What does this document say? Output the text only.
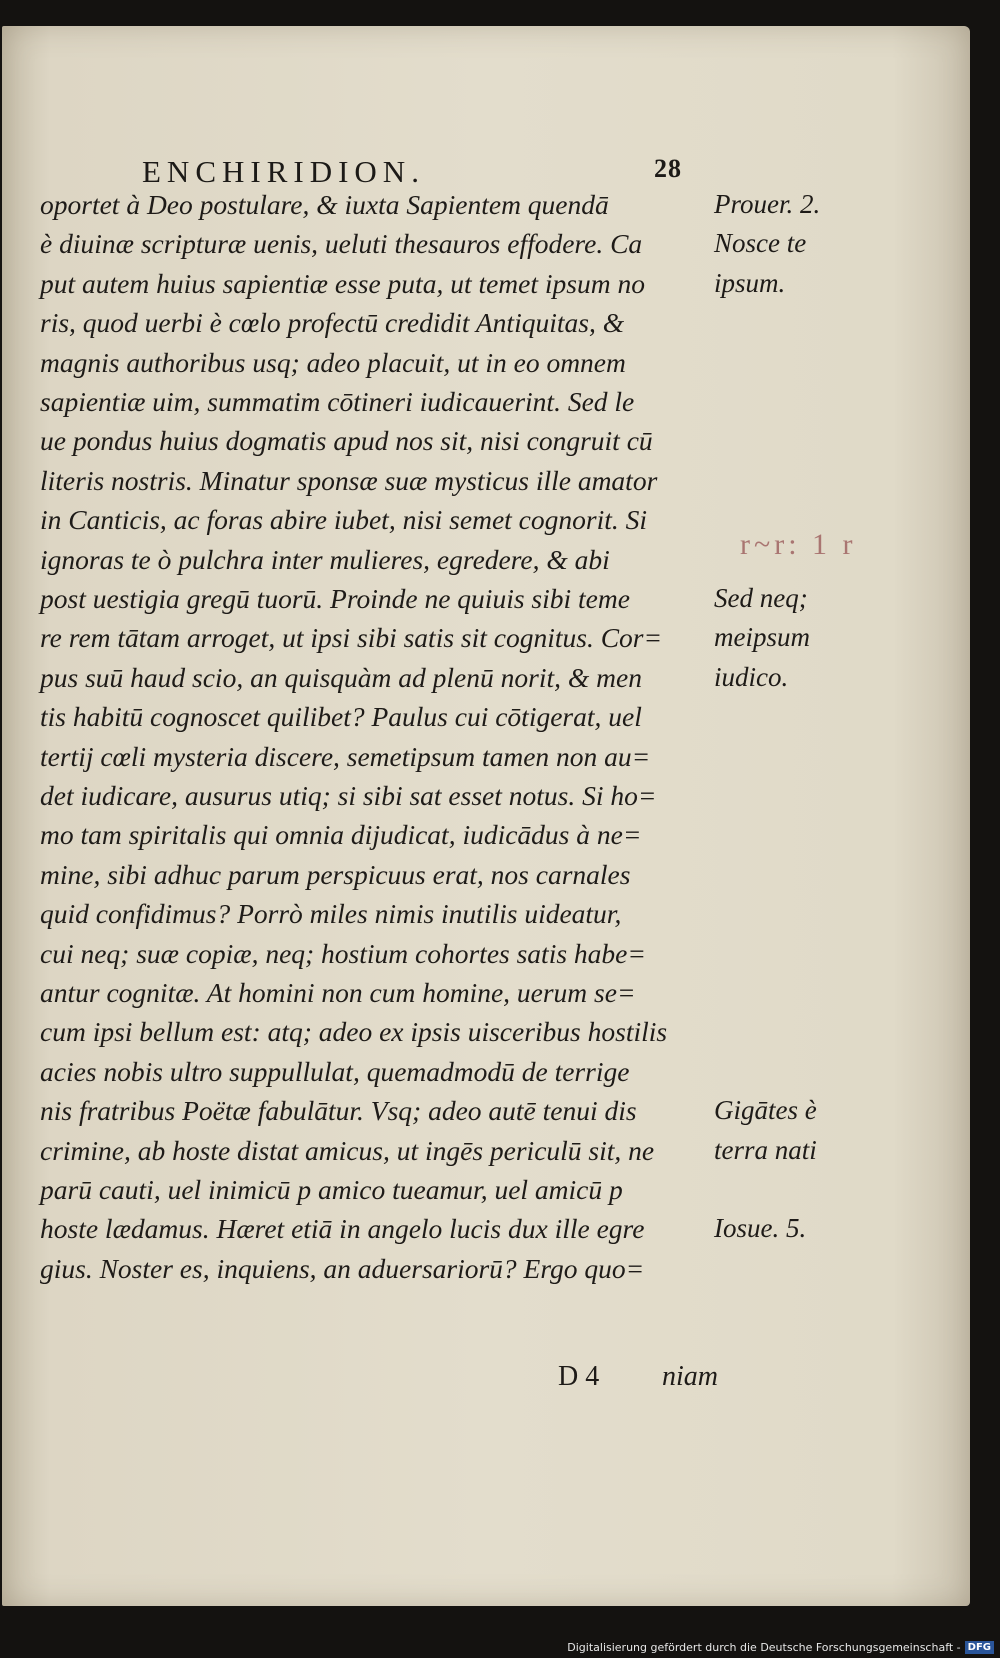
ENCHIRIDION.	28
oportet à Deo postulare, & iuxta Sapientem quendā
è diuinæ scripturæ uenis, ueluti thesauros effodere. Ca
put autem huius sapientiæ esse puta, ut temet ipsum no
ris, quod uerbi è cœlo profectū credidit Antiquitas, &
magnis authoribus usq; adeo placuit, ut in eo omnem
sapientiæ uim, summatim cōtineri iudicauerint. Sed le
ue pondus huius dogmatis apud nos sit, nisi congruit cū
literis nostris. Minatur sponsæ suæ mysticus ille amator
in Canticis, ac foras abire iubet, nisi semet cognorit. Si
ignoras te ò pulchra inter mulieres, egredere, & abi
post uestigia gregū tuorū. Proinde ne quiuis sibi teme
re rem tātam arroget, ut ipsi sibi satis sit cognitus. Cor=
pus suū haud scio, an quisquàm ad plenū norit, & men
tis habitū cognoscet quilibet? Paulus cui cōtigerat, uel
tertij cœli mysteria discere, semetipsum tamen non au=
det iudicare, ausurus utiq; si sibi sat esset notus. Si ho=
mo tam spiritalis qui omnia dijudicat, iudicādus à ne=
mine, sibi adhuc parum perspicuus erat, nos carnales
quid confidimus? Porrò miles nimis inutilis uideatur,
cui neq; suæ copiæ, neq; hostium cohortes satis habe=
antur cognitæ. At homini non cum homine, uerum se=
cum ipsi bellum est: atq; adeo ex ipsis uisceribus hostilis
acies nobis ultro suppullulat, quemadmodū de terrige
nis fratribus Poëtæ fabulātur. Vsq; adeo autē tenui dis
crimine, ab hoste distat amicus, ut ingēs periculū sit, ne
parū cauti, uel inimicū p amico tueamur, uel amicū p
hoste lædamus. Hæret etiā in angelo lucis dux ille egre
gius. Noster es, inquiens, an aduersariorū? Ergo quo=
Prouer. 2.
Nosce te
ipsum.
Sed neq;
meipsum
iudico.
Gigātes è
terra nati
Iosue. 5.
r~r: 1 r
D 4 niam
Digitalisierung gefördert durch die Deutsche Forschungsgemeinschaft - DFG
